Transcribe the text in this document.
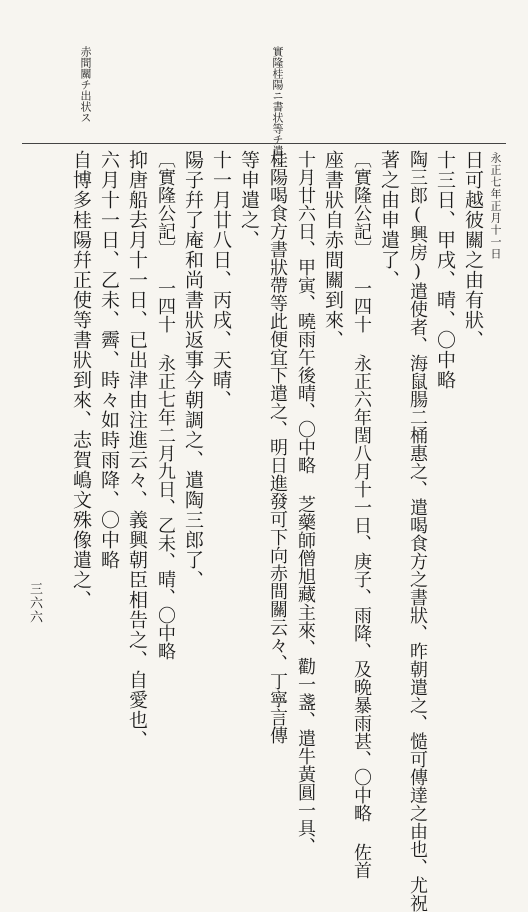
永正七年正月十一日
實隆桂陽ニ書状等チ遣ル
赤間關チ出状ス
日可越彼關之由有狀、
十三日、甲戌、晴、〇中略
陶三郎(興房)遣使者、海鼠腸二桶惠之、遣喝食方之書狀、昨朝遣之、慥可傳達之由也、尤祝
著之由申遣了、
〔實隆公記〕 一四十 永正六年閏八月十一日、庚子、雨降、及晩暴雨甚、〇中略 佐首
座書狀自赤間關到來、
十月廿六日、甲寅、曉雨午後晴、〇中略 芝藥師僧旭藏主來、勸一盞、遣牛黃圓一具、
桂陽喝食方書狀帶等此便宜下遣之、明日進發可下向赤間關云々、丁寧言傳
等申遣之、
十一月廿八日、丙戌、天晴、
陽子幷了庵和尚書狀返事今朝調之、遣陶三郎了、
〔實隆公記〕 一四十 永正七年二月九日、乙未、晴、〇中略
抑唐船去月十一日、已出津由注進云々、義興朝臣相告之、自愛也、
六月十一日、乙未、霽、時々如時雨降、〇中略
自博多桂陽幷正使等書狀到來、志賀嶋文殊像遣之、
三六六
